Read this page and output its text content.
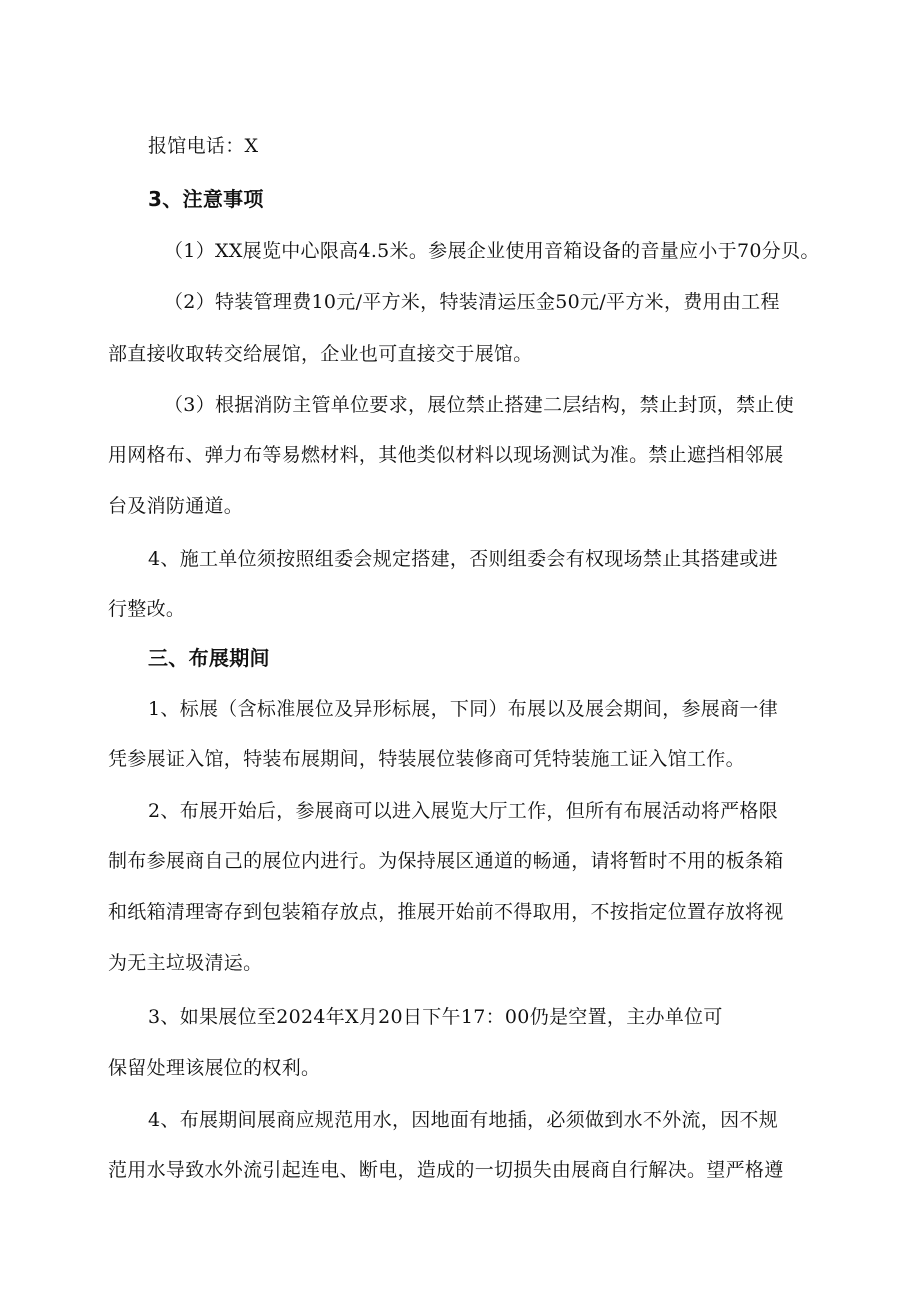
报馆电话：X
3、注意事项
（1）XX展览中心限高4.5米。参展企业使用音箱设备的音量应小于70分贝。
（2）特装管理费10元/平方米，特装清运压金50元/平方米，费用由工程
部直接收取转交给展馆，企业也可直接交于展馆。
（3）根据消防主管单位要求，展位禁止搭建二层结构，禁止封顶，禁止使
用网格布、弹力布等易燃材料，其他类似材料以现场测试为准。禁止遮挡相邻展
台及消防通道。
4、施工单位须按照组委会规定搭建，否则组委会有权现场禁止其搭建或进
行整改。
三、布展期间
1、标展（含标准展位及异形标展，下同）布展以及展会期间，参展商一律
凭参展证入馆，特装布展期间，特装展位装修商可凭特装施工证入馆工作。
2、布展开始后，参展商可以进入展览大厅工作，但所有布展活动将严格限
制布参展商自己的展位内进行。为保持展区通道的畅通，请将暂时不用的板条箱
和纸箱清理寄存到包装箱存放点，推展开始前不得取用，不按指定位置存放将视
为无主垃圾清运。
3、如果展位至2024年X月20日下午17：00仍是空置，主办单位可
保留处理该展位的权利。
4、布展期间展商应规范用水，因地面有地插，必须做到水不外流，因不规
范用水导致水外流引起连电、断电，造成的一切损失由展商自行解决。望严格遵
